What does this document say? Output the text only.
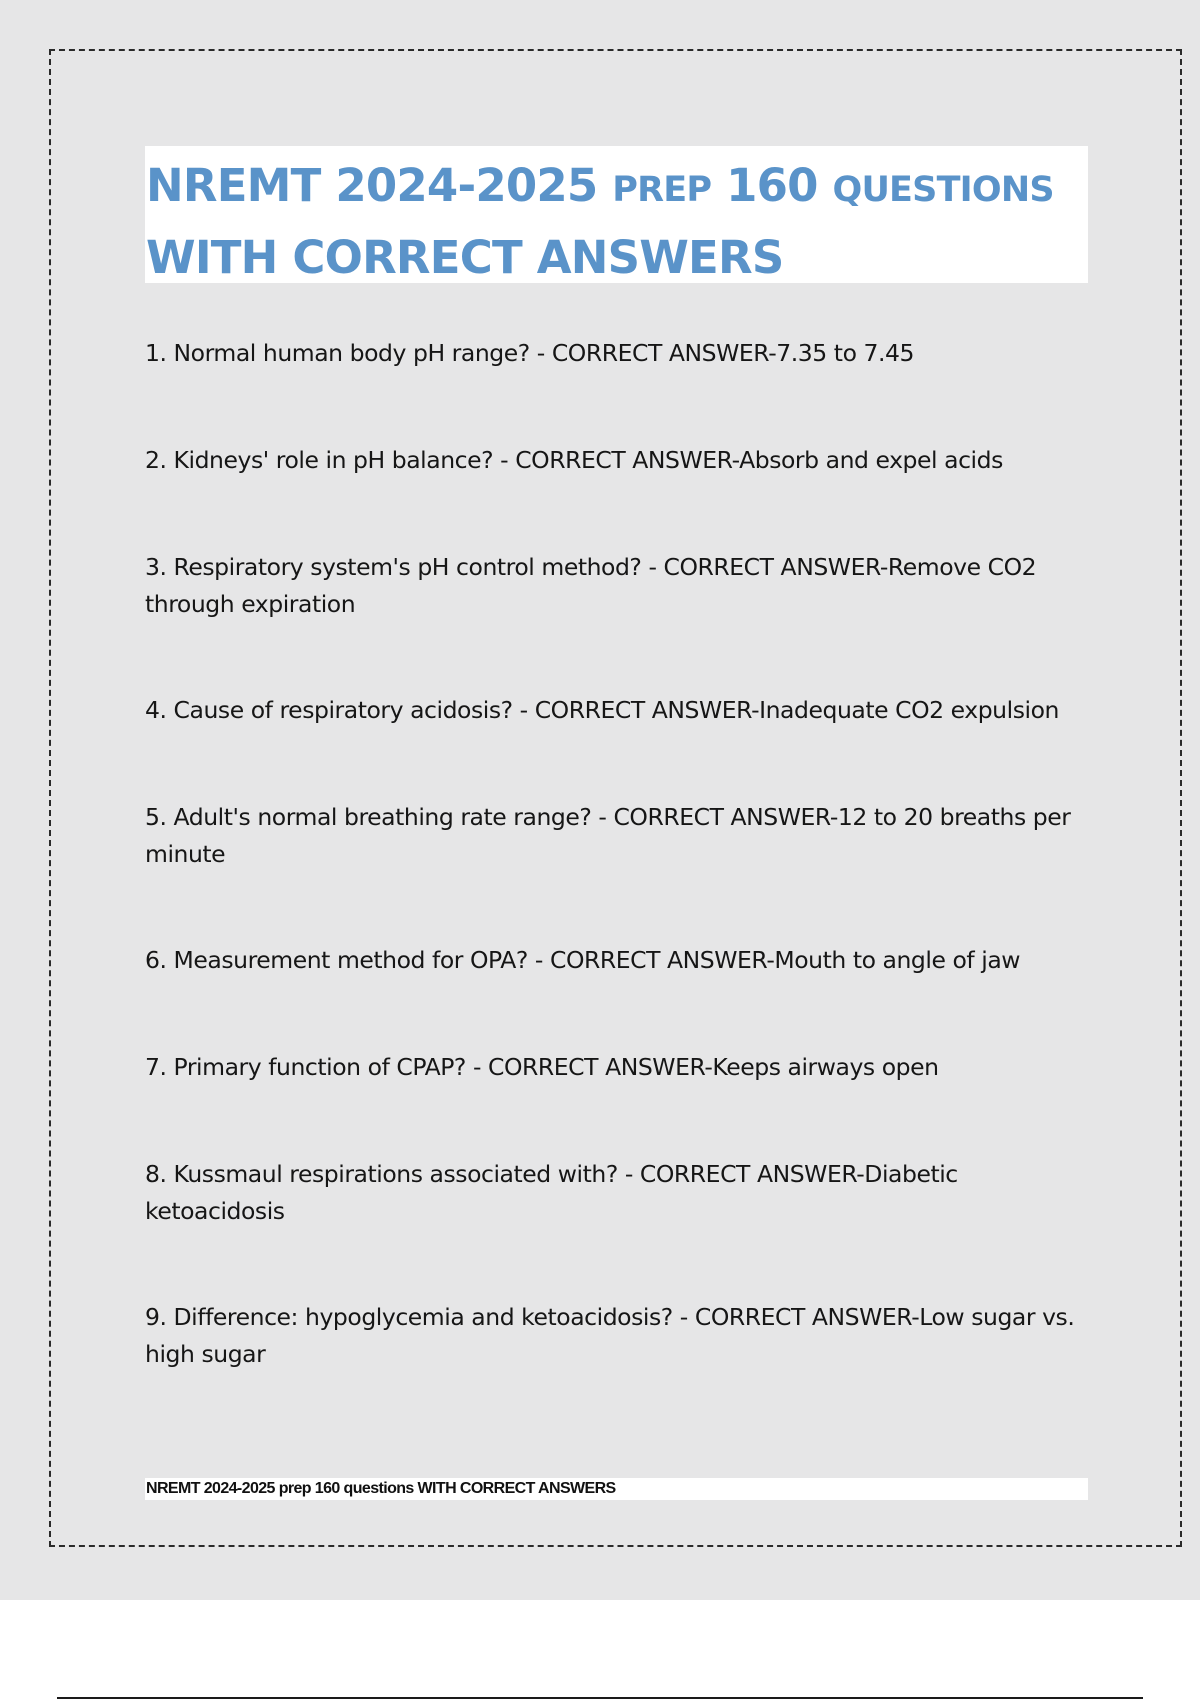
NREMT 2024-2025 PREP 160 QUESTIONS
WITH CORRECT ANSWERS

1. Normal human body pH range? - CORRECT ANSWER-7.35 to 7.45

2. Kidneys' role in pH balance? - CORRECT ANSWER-Absorb and expel acids

3. Respiratory system's pH control method? - CORRECT ANSWER-Remove CO2 through expiration

4. Cause of respiratory acidosis? - CORRECT ANSWER-Inadequate CO2 expulsion

5. Adult's normal breathing rate range? - CORRECT ANSWER-12 to 20 breaths per minute

6. Measurement method for OPA? - CORRECT ANSWER-Mouth to angle of jaw

7. Primary function of CPAP? - CORRECT ANSWER-Keeps airways open

8. Kussmaul respirations associated with? - CORRECT ANSWER-Diabetic ketoacidosis

9. Difference: hypoglycemia and ketoacidosis? - CORRECT ANSWER-Low sugar vs. high sugar

NREMT 2024-2025 prep 160 questions WITH CORRECT ANSWERS
